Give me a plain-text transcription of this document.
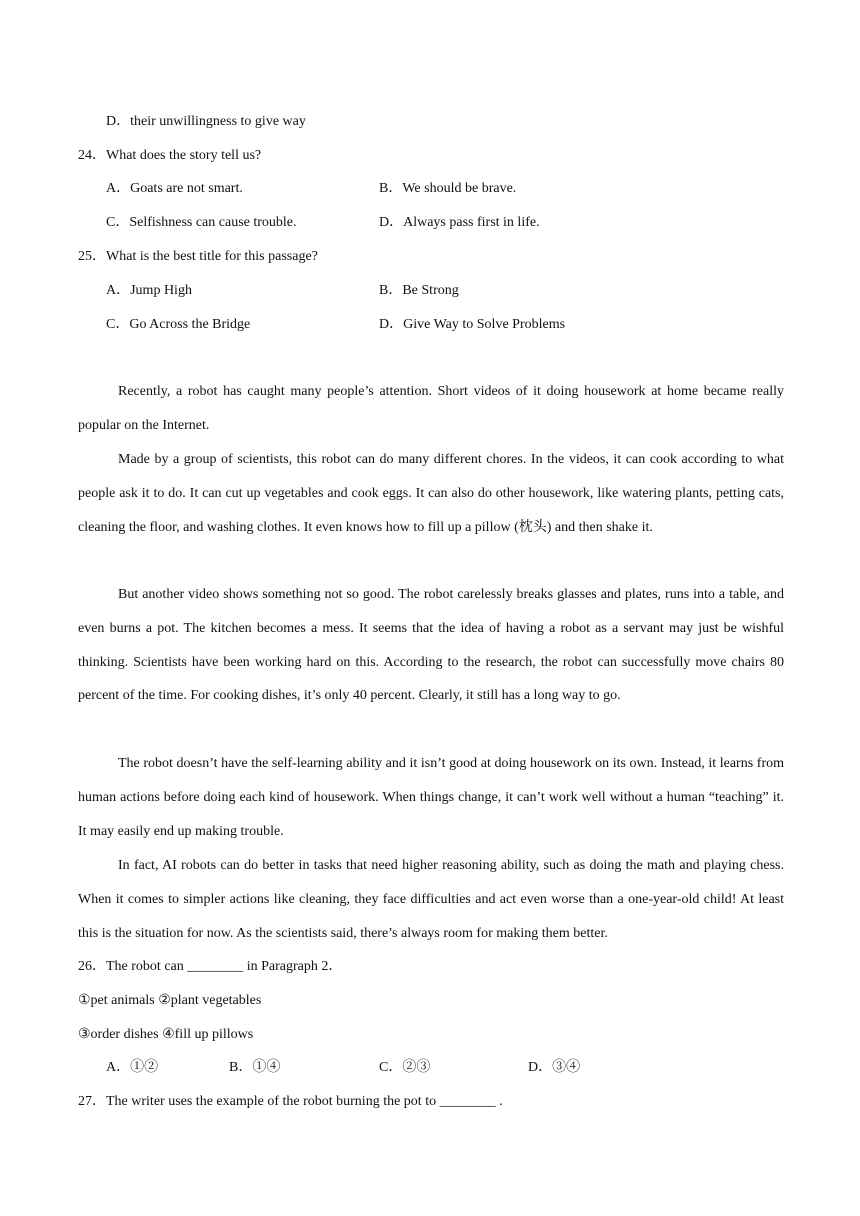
D．their unwillingness to give way
24．What does the story tell us?
A．Goats are not smart.	B．We should be brave.
C．Selfishness can cause trouble.	D．Always pass first in life.
25．What is the best title for this passage?
A．Jump High	B．Be Strong
C．Go Across the Bridge	D．Give Way to Solve Problems
Recently, a robot has caught many people’s attention. Short videos of it doing housework at home became really popular on the Internet.
Made by a group of scientists, this robot can do many different chores. In the videos, it can cook according to what people ask it to do. It can cut up vegetables and cook eggs. It can also do other housework, like watering plants, petting cats, cleaning the floor, and washing clothes. It even knows how to fill up a pillow (枕头) and then shake it.
But another video shows something not so good. The robot carelessly breaks glasses and plates, runs into a table, and even burns a pot. The kitchen becomes a mess. It seems that the idea of having a robot as a servant may just be wishful thinking. Scientists have been working hard on this. According to the research, the robot can successfully move chairs 80 percent of the time. For cooking dishes, it’s only 40 percent. Clearly, it still has a long way to go.
The robot doesn’t have the self-learning ability and it isn’t good at doing housework on its own. Instead, it learns from human actions before doing each kind of housework. When things change, it can’t work well without a human “teaching” it. It may easily end up making trouble.
In fact, AI robots can do better in tasks that need higher reasoning ability, such as doing the math and playing chess. When it comes to simpler actions like cleaning, they face difficulties and act even worse than a one-year-old child! At least this is the situation for now. As the scientists said, there’s always room for making them better.
26．The robot can ________ in Paragraph 2．
①pet animals ②plant vegetables
③order dishes ④fill up pillows
A．①②	B．①④	C．②③	D．③④
27．The writer uses the example of the robot burning the pot to ________ .
